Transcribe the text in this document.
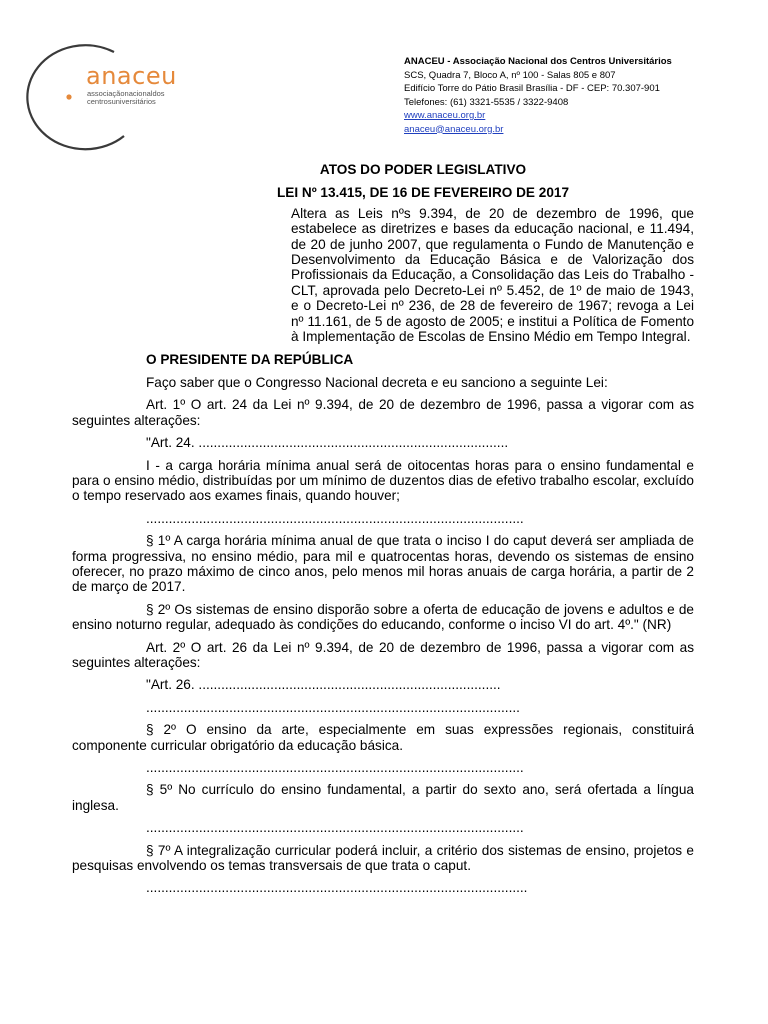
anaceu
associaçãonacionaldos
centrosuniversitários
ANACEU - Associação Nacional dos Centros Universitários
SCS, Quadra 7, Bloco A, nº 100 - Salas 805 e 807
Edifício Torre do Pátio Brasil Brasília - DF - CEP: 70.307-901
Telefones: (61) 3321-5535 / 3322-9408
www.anaceu.org.br
anaceu@anaceu.org.br
ATOS DO PODER LEGISLATIVO
LEI Nº 13.415, DE 16 DE FEVEREIRO DE 2017
Altera as Leis nºs 9.394, de 20 de dezembro de 1996, que estabelece as diretrizes e bases da educação nacional, e 11.494, de 20 de junho 2007, que regulamenta o Fundo de Manutenção e Desenvolvimento da Educação Básica e de Valorização dos Profissionais da Educação, a Consolidação das Leis do Trabalho - CLT, aprovada pelo Decreto-Lei nº 5.452, de 1º de maio de 1943, e o Decreto-Lei nº 236, de 28 de fevereiro de 1967; revoga a Lei nº 11.161, de 5 de agosto de 2005; e institui a Política de Fomento à Implementação de Escolas de Ensino Médio em Tempo Integral.
O PRESIDENTE DA REPÚBLICA

Faço saber que o Congresso Nacional decreta e eu sanciono a seguinte Lei:

Art. 1º O art. 24 da Lei nº 9.394, de 20 de dezembro de 1996, passa a vigorar com as seguintes alterações:

"Art. 24. ..................................................................................

I - a carga horária mínima anual será de oitocentas horas para o ensino fundamental e para o ensino médio, distribuídas por um mínimo de duzentos dias de efetivo trabalho escolar, excluído o tempo reservado aos exames finais, quando houver;

....................................................................................................

§ 1º A carga horária mínima anual de que trata o inciso I do caput deverá ser ampliada de forma progressiva, no ensino médio, para mil e quatrocentas horas, devendo os sistemas de ensino oferecer, no prazo máximo de cinco anos, pelo menos mil horas anuais de carga horária, a partir de 2 de março de 2017.

§ 2º Os sistemas de ensino disporão sobre a oferta de educação de jovens e adultos e de ensino noturno regular, adequado às condições do educando, conforme o inciso VI do art. 4º." (NR)

Art. 2º O art. 26 da Lei nº 9.394, de 20 de dezembro de 1996, passa a vigorar com as seguintes alterações:

"Art. 26. ................................................................................

...................................................................................................

§ 2º O ensino da arte, especialmente em suas expressões regionais, constituirá componente curricular obrigatório da educação básica.

....................................................................................................

§ 5º No currículo do ensino fundamental, a partir do sexto ano, será ofertada a língua inglesa.

....................................................................................................

§ 7º A integralização curricular poderá incluir, a critério dos sistemas de ensino, projetos e pesquisas envolvendo os temas transversais de que trata o caput.

.....................................................................................................
